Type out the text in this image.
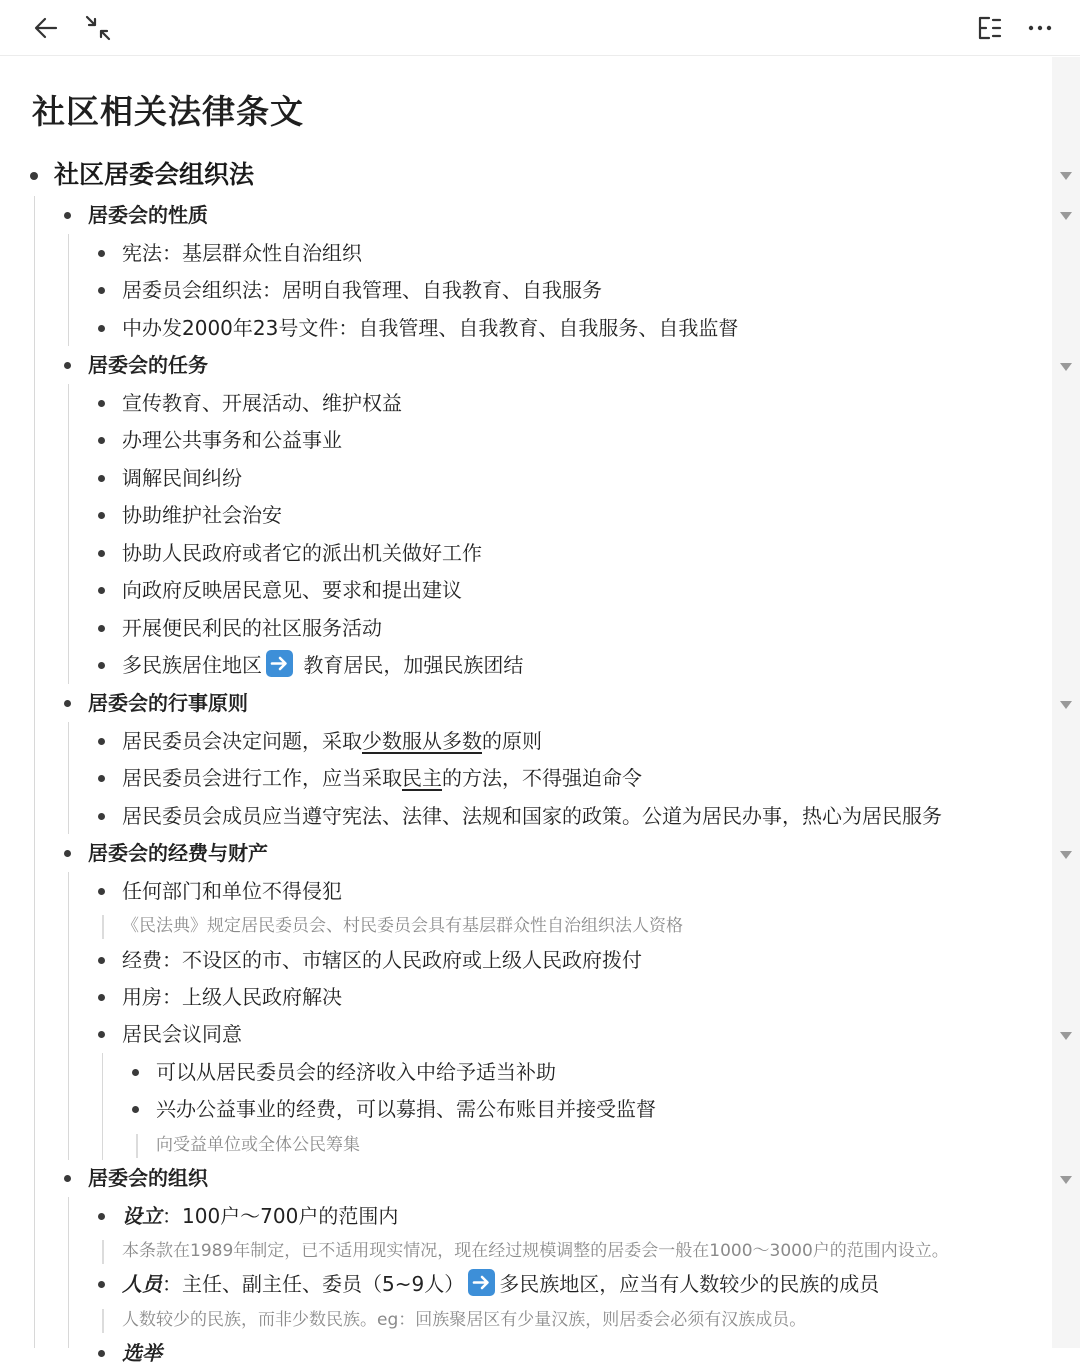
社区相关法律条文
社区居委会组织法
居委会的性质
宪法：基层群众性自治组织
居委员会组织法：居明自我管理、自我教育、自我服务
中办发2000年23号文件：自我管理、自我教育、自我服务、自我监督
居委会的任务
宣传教育、开展活动、维护权益
办理公共事务和公益事业
调解民间纠纷
协助维护社会治安
协助人民政府或者它的派出机关做好工作
向政府反映居民意见、要求和提出建议
开展便民利民的社区服务活动
多民族居住地区 教育居民，加强民族团结
居委会的行事原则
居民委员会决定问题，采取少数服从多数的原则
居民委员会进行工作，应当采取民主的方法，不得强迫命令
居民委员会成员应当遵守宪法、法律、法规和国家的政策。公道为居民办事，热心为居民服务
居委会的经费与财产
任何部门和单位不得侵犯
《民法典》规定居民委员会、村民委员会具有基层群众性自治组织法人资格
经费：不设区的市、市辖区的人民政府或上级人民政府拨付
用房：上级人民政府解决
居民会议同意
可以从居民委员会的经济收入中给予适当补助
兴办公益事业的经费，可以募捐、需公布账目并接受监督
向受益单位或全体公民筹集
居委会的组织
设立：100户～700户的范围内
本条款在1989年制定，已不适用现实情况，现在经过规模调整的居委会一般在1000～3000户的范围内设立。
人员：主任、副主任、委员（5~9人） 多民族地区，应当有人数较少的民族的成员
人数较少的民族，而非少数民族。eg：回族聚居区有少量汉族，则居委会必须有汉族成员。
选举
